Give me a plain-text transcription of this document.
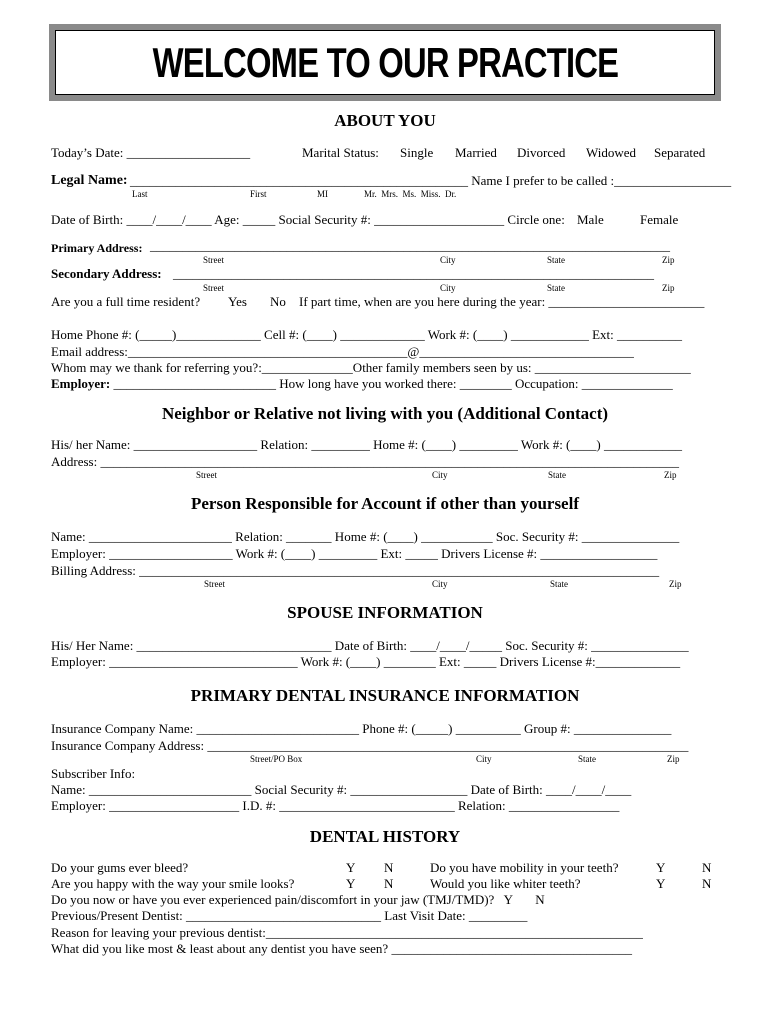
WELCOME TO OUR PRACTICE
ABOUT YOU
Today’s Date: ___________________	Marital Status: Single Married Divorced Widowed Separated
Legal Name: ____________________________________________________ Name I prefer to be called :__________________
Last	First	MI	Mr.  Mrs.  Ms.  Miss.  Dr.
Date of Birth: ____/____/____ Age: _____ Social Security #: ____________________ Circle one: Male	Female
Primary Address: ________________________________________________________________________________
Street	City	State	Zip
Secondary Address: __________________________________________________________________________
Street	City	State	Zip
Are you a full time resident? Yes No If part time, when are you here during the year: ________________________
Home Phone #: (_____)_____________ Cell #: (____) _____________ Work #: (____) ____________ Ext: __________
Email address:___________________________________________@_________________________________
Whom may we thank for referring you?:______________Other family members seen by us: ________________________
Employer: _________________________ How long have you worked there: ________ Occupation: ______________
Neighbor or Relative not living with you (Additional Contact)
His/ her Name: ___________________ Relation: _________ Home #: (____) _________ Work #: (____) ____________
Address: _________________________________________________________________________________________
Street	City	State	Zip
Person Responsible for Account if other than yourself
Name: ______________________ Relation: _______ Home #: (____) ___________ Soc. Security #: _______________
Employer: ___________________ Work #: (____) _________ Ext: _____ Drivers License #: __________________
Billing Address: ________________________________________________________________________________
Street	City	State	Zip
SPOUSE INFORMATION
His/ Her Name: ______________________________ Date of Birth: ____/____/_____ Soc. Security #: _______________
Employer: _____________________________ Work #: (____) ________ Ext: _____ Drivers License #:_____________
PRIMARY DENTAL INSURANCE INFORMATION
Insurance Company Name: _________________________ Phone #: (_____) __________ Group #: _______________
Insurance Company Address: __________________________________________________________________________
Street/PO Box	City	State	Zip
Subscriber Info:
Name: _________________________ Social Security #: __________________ Date of Birth: ____/____/____
Employer: ____________________ I.D. #: ___________________________ Relation: _________________
DENTAL HISTORY
Do your gums ever bleed?	Y N	Do you have mobility in your teeth?	Y	N
Are you happy with the way your smile looks?	Y N	Would you like whiter teeth?	Y	N
Do you now or have you ever experienced pain/discomfort in your jaw (TMJ/TMD)?   Y       N
Previous/Present Dentist: ______________________________ Last Visit Date: _________
Reason for leaving your previous dentist:__________________________________________________________
What did you like most & least about any dentist you have seen? _____________________________________
